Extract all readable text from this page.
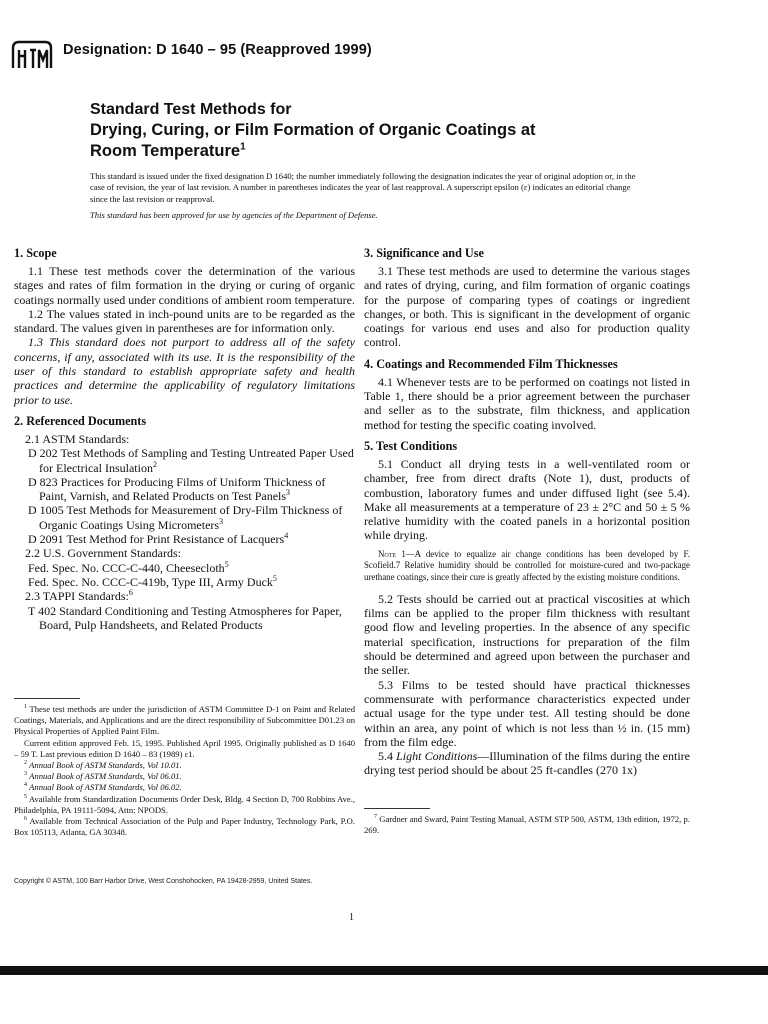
Designation: D 1640 – 95 (Reapproved 1999)
Standard Test Methods for
Drying, Curing, or Film Formation of Organic Coatings at
Room Temperature$^1$

This standard is issued under the fixed designation D 1640; the number immediately following the designation indicates the year of original adoption or, in the case of revision, the year of last revision. A number in parentheses indicates the year of last reapproval. A superscript epsilon (ε) indicates an editorial change since the last revision or reapproval.

This standard has been approved for use by agencies of the Department of Defense.

1. Scope

1.1 These test methods cover the determination of the various stages and rates of film formation in the drying or curing of organic coatings normally used under conditions of ambient room temperature.

1.2 The values stated in inch-pound units are to be regarded as the standard. The values given in parentheses are for information only.

1.3 This standard does not purport to address all of the safety concerns, if any, associated with its use. It is the responsibility of the user of this standard to establish appropriate safety and health practices and determine the applicability of regulatory limitations prior to use.

2. Referenced Documents

2.1 ASTM Standards:

D 202 Test Methods of Sampling and Testing Untreated Paper Used for Electrical Insulation$^2$

D 823 Practices for Producing Films of Uniform Thickness of Paint, Varnish, and Related Products on Test Panels$^3$

D 1005 Test Methods for Measurement of Dry-Film Thickness of Organic Coatings Using Micrometers$^3$

D 2091 Test Method for Print Resistance of Lacquers$^4$

2.2 U.S. Government Standards:

Fed. Spec. No. CCC-C-440, Cheesecloth$^5$

Fed. Spec. No. CCC-C-419b, Type III, Army Duck$^5$

2.3 TAPPI Standards:$^6$

T 402 Standard Conditioning and Testing Atmospheres for Paper, Board, Pulp Handsheets, and Related Products

$^1$ These test methods are under the jurisdiction of ASTM Committee D-1 on Paint and Related Coatings, Materials, and Applications and are the direct responsibility of Subcommittee D01.23 on Physical Properties of Applied Paint Film.

Current edition approved Feb. 15, 1995. Published April 1995. Originally published as D 1640 – 59 T. Last previous edition D 1640 – 83 (1989) ε1.

$^2$ Annual Book of ASTM Standards, Vol 10.01.

$^3$ Annual Book of ASTM Standards, Vol 06.01.

$^4$ Annual Book of ASTM Standards, Vol 06.02.

$^5$ Available from Standardization Documents Order Desk, Bldg. 4 Section D, 700 Robbins Ave., Philadelphia, PA 19111-5094, Attn: NPODS.

$^6$ Available from Technical Association of the Pulp and Paper Industry, Technology Park, P.O. Box 105113, Atlanta, GA 30348.

3. Significance and Use

3.1 These test methods are used to determine the various stages and rates of drying, curing, and film formation of organic coatings for the purpose of comparing types of coatings or ingredient changes, or both. This is significant in the development of organic coatings for various end uses and also for production quality control.

4. Coatings and Recommended Film Thicknesses

4.1 Whenever tests are to be performed on coatings not listed in Table 1, there should be a prior agreement between the purchaser and seller as to the substrate, film thickness, and application method for testing the specific coating involved.

5. Test Conditions

5.1 Conduct all drying tests in a well-ventilated room or chamber, free from direct drafts (Note 1), dust, products of combustion, laboratory fumes and under diffused light (see 5.4). Make all measurements at a temperature of 23 ± 2°C and 50 ± 5 % relative humidity with the coated panels in a horizontal position while drying.

Note 1—A device to equalize air change conditions has been developed by F. Scofield.7 Relative humidity should be controlled for moisture-cured and two-package urethane coatings, since their cure is greatly affected by the existing moisture conditions.

5.2 Tests should be carried out at practical viscosities at which films can be applied to the proper film thickness with resultant good flow and leveling properties. In the absence of any specific material specification, instructions for preparation of the film should be determined and agreed upon between the purchaser and the seller.

5.3 Films to be tested should have practical thicknesses commensurate with performance characteristics expected under actual usage for the type under test. All testing should be done within an area, any point of which is not less than ½ in. (15 mm) from the film edge.

5.4 Light Conditions—Illumination of the films during the entire drying test period should be about 25 ft-candles (270 1x)

$^7$ Gardner and Sward, Paint Testing Manual, ASTM STP 500, ASTM, 13th edition, 1972, p. 269.

Copyright © ASTM, 100 Barr Harbor Drive, West Conshohocken, PA 19428-2959, United States.
1
